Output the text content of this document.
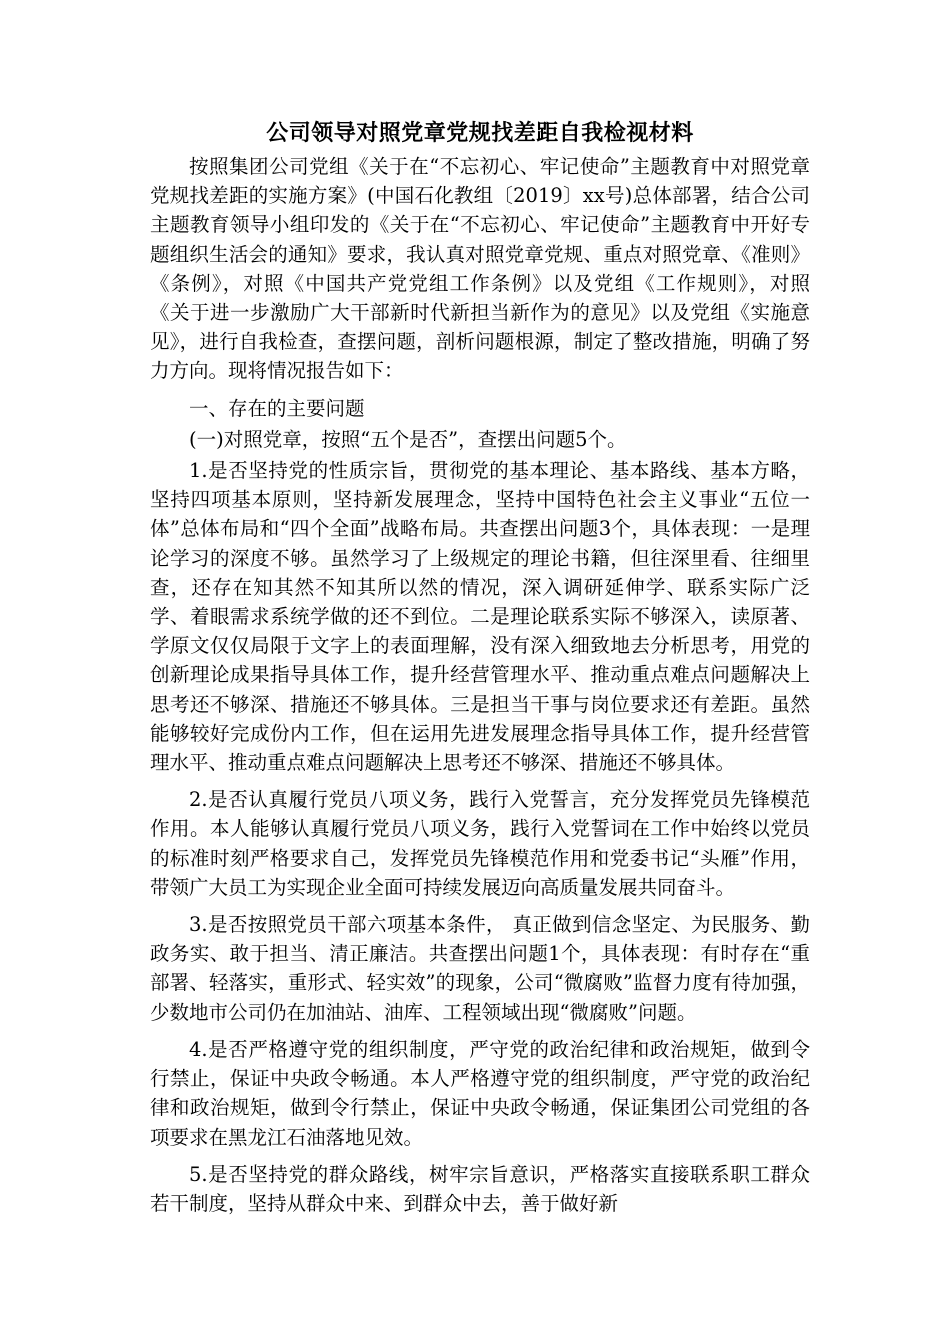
公司领导对照党章党规找差距自我检视材料

按照集团公司党组《关于在“不忘初心、牢记使命”主题教育中对照党章党规找差距的实施方案》(中国石化教组〔2019〕xx号)总体部署，结合公司主题教育领导小组印发的《关于在“不忘初心、牢记使命”主题教育中开好专题组织生活会的通知》要求，我认真对照党章党规、重点对照党章、《准则》《条例》，对照《中国共产党党组工作条例》以及党组《工作规则》，对照《关于进一步激励广大干部新时代新担当新作为的意见》以及党组《实施意见》，进行自我检查，查摆问题，剖析问题根源，制定了整改措施，明确了努力方向。现将情况报告如下：

一、存在的主要问题

(一)对照党章，按照“五个是否”，查摆出问题5个。

1.是否坚持党的性质宗旨，贯彻党的基本理论、基本路线、基本方略，坚持四项基本原则，坚持新发展理念，坚持中国特色社会主义事业“五位一体”总体布局和“四个全面”战略布局。共查摆出问题3个，具体表现：一是理论学习的深度不够。虽然学习了上级规定的理论书籍，但往深里看、往细里查，还存在知其然不知其所以然的情况，深入调研延伸学、联系实际广泛学、着眼需求系统学做的还不到位。二是理论联系实际不够深入，读原著、学原文仅仅局限于文字上的表面理解，没有深入细致地去分析思考，用党的创新理论成果指导具体工作，提升经营管理水平、推动重点难点问题解决上思考还不够深、措施还不够具体。三是担当干事与岗位要求还有差距。虽然能够较好完成份内工作，但在运用先进发展理念指导具体工作，提升经营管理水平、推动重点难点问题解决上思考还不够深、措施还不够具体。

2.是否认真履行党员八项义务，践行入党誓言，充分发挥党员先锋模范作用。本人能够认真履行党员八项义务，践行入党誓词在工作中始终以党员的标准时刻严格要求自己，发挥党员先锋模范作用和党委书记“头雁”作用，带领广大员工为实现企业全面可持续发展迈向高质量发展共同奋斗。

3.是否按照党员干部六项基本条件， 真正做到信念坚定、为民服务、勤政务实、敢于担当、清正廉洁。共查摆出问题1个，具体表现：有时存在“重部署、轻落实，重形式、轻实效”的现象，公司“微腐败”监督力度有待加强，少数地市公司仍在加油站、油库、工程领域出现“微腐败”问题。

4.是否严格遵守党的组织制度，严守党的政治纪律和政治规矩，做到令行禁止，保证中央政令畅通。本人严格遵守党的组织制度，严守党的政治纪律和政治规矩，做到令行禁止，保证中央政令畅通，保证集团公司党组的各项要求在黑龙江石油落地见效。

5.是否坚持党的群众路线，树牢宗旨意识，严格落实直接联系职工群众若干制度，坚持从群众中来、到群众中去，善于做好新
